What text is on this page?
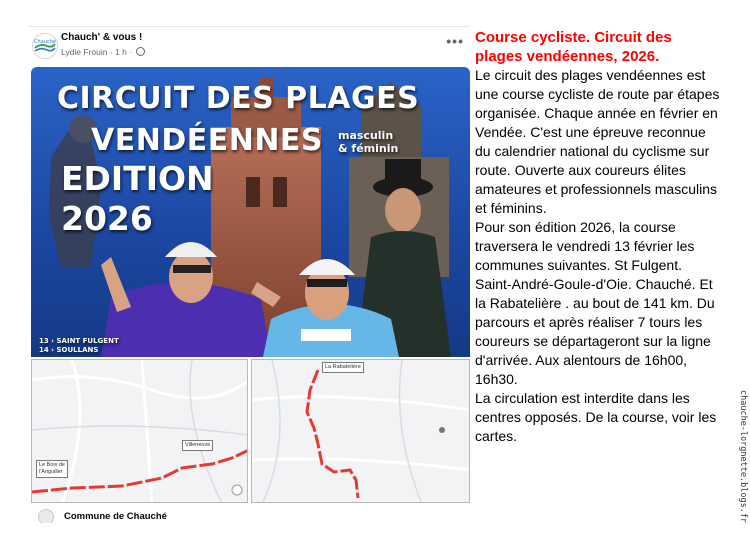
Chauché Chauch' & vous !
Lydie Frouin · 1 h ·
•••
CIRCUIT DES PLAGES
VENDÉENNES masculin
& féminin
EDITION
2026
13 › SAINT FULGENT
14 › SOULLANS
Le Bois de
l'Anguiller
Villeneuve
La Rabatelière
Commune de Chauché
Course cycliste. Circuit des plages vendéennes, 2026.

Le circuit des plages vendéennes est une course cycliste de route par étapes organisée. Chaque année en février en Vendée. C'est une épreuve reconnue du calendrier national du cyclisme sur route. Ouverte aux coureurs élites amateures et professionnels masculins et féminins.
Pour son édition 2026, la course traversera le vendredi 13 février les communes suivantes. St Fulgent. Saint-André-Goule-d'Oie. Chauché. Et la Rabatelière . au bout de 141 km. Du parcours et après réaliser 7 tours les coureurs se départageront sur la ligne d'arrivée. Aux alentours de 16h00, 16h30.
La circulation est interdite dans les centres opposés. De la course, voir les cartes.	chauche-lorgnette.blogs.fr
